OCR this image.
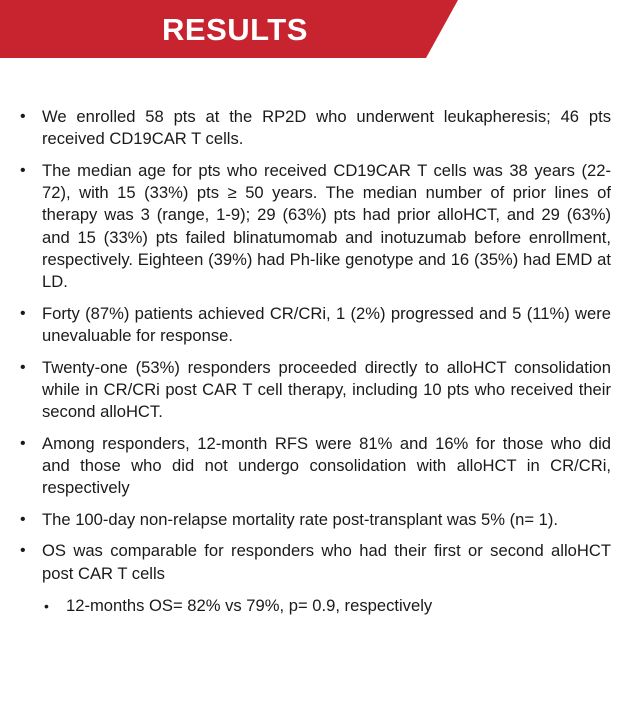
RESULTS
• We enrolled 58 pts at the RP2D who underwent leukapheresis; 46 pts received CD19CAR T cells.
• The median age for pts who received CD19CAR T cells was 38 years (22-72), with 15 (33%) pts ≥ 50 years. The median number of prior lines of therapy was 3 (range, 1-9); 29 (63%) pts had prior alloHCT, and 29 (63%) and 15 (33%) pts failed blinatumomab and inotuzumab before enrollment, respectively. Eighteen (39%) had Ph-like genotype and 16 (35%) had EMD at LD.
• Forty (87%) patients achieved CR/CRi, 1 (2%) progressed and 5 (11%) were unevaluable for response.
• Twenty-one (53%) responders proceeded directly to alloHCT consolidation while in CR/CRi post CAR T cell therapy, including 10 pts who received their second alloHCT.
• Among responders, 12-month RFS were 81% and 16% for those who did and those who did not undergo consolidation with alloHCT in CR/CRi, respectively
• The 100-day non-relapse mortality rate post-transplant was 5% (n= 1).
• OS was comparable for responders who had their first or second alloHCT post CAR T cells
• 12-months OS= 82% vs 79%, p= 0.9, respectively
